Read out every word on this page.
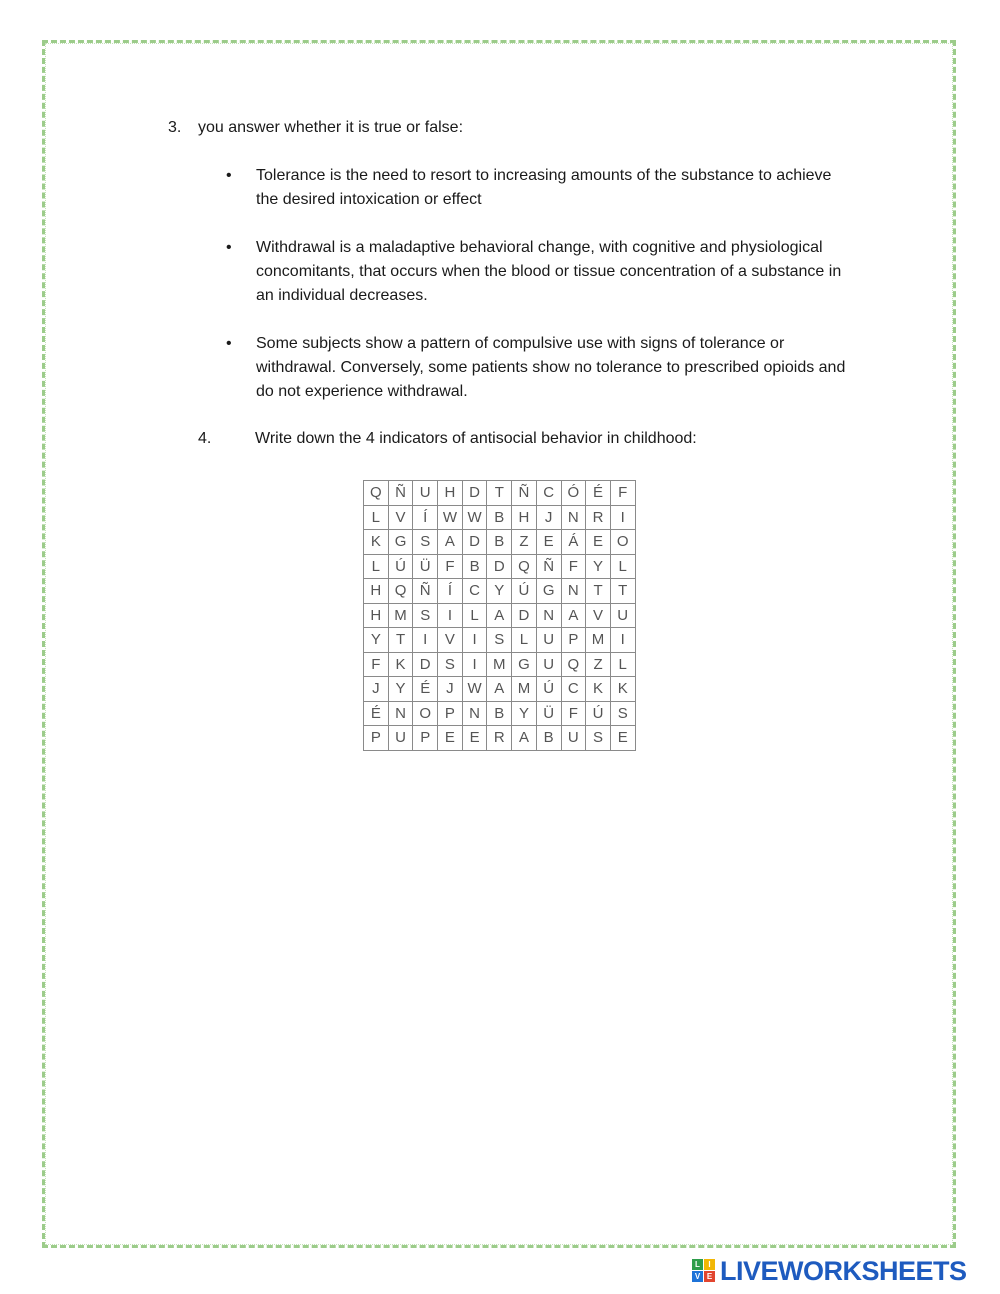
3. you answer whether it is true or false:
•	Tolerance is the need to resort to increasing amounts of the substance to achieve the desired intoxication or effect
•	Withdrawal is a maladaptive behavioral change, with cognitive and physiological concomitants, that occurs when the blood or tissue concentration of a substance in an individual decreases.
•	Some subjects show a pattern of compulsive use with signs of tolerance or withdrawal. Conversely, some patients show no tolerance to prescribed opioids and do not experience withdrawal.
4.	Write down the 4 indicators of antisocial behavior in childhood:
Q	Ñ	U	H	D	T	Ñ	C	Ó	É	F
L	V	Í	W	W	B	H	J	N	R	I
K	G	S	A	D	B	Z	E	Á	E	O
L	Ú	Ü	F	B	D	Q	Ñ	F	Y	L
H	Q	Ñ	Í	C	Y	Ú	G	N	T	T
H	M	S	I	L	A	D	N	A	V	U
Y	T	I	V	I	S	L	U	P	M	I
F	K	D	S	I	M	G	U	Q	Z	L
J	Y	É	J	W	A	M	Ú	C	K	K
É	N	O	P	N	B	Y	Ü	F	Ú	S
P	U	P	E	E	R	A	B	U	S	E
L	I
V E LIVEWORKSHEETS
